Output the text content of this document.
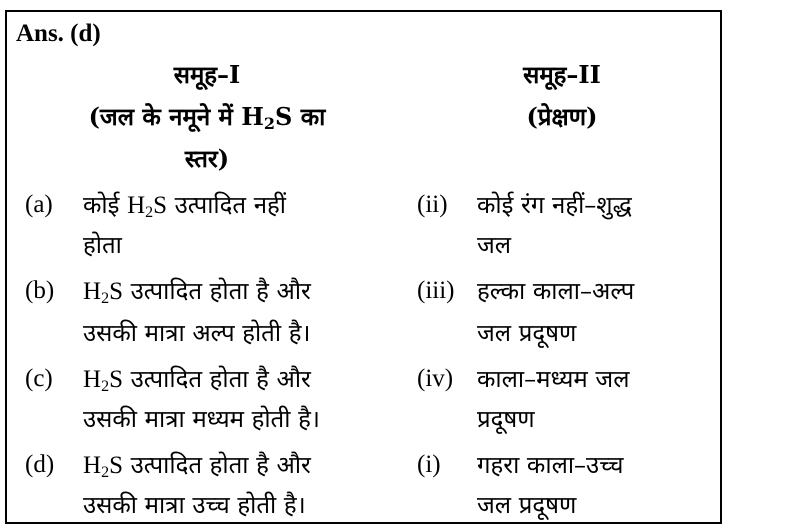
Ans. (d)
समूह–I
(जल के नमूने में $H_2S$ का
स्तर)
समूह–II
(प्रेक्षण)
(a) कोई $H_2S$ उत्पादित नहीं
होता
(ii) कोई रंग नहीं–शुद्ध
जल
(b) $H_2S$ उत्पादित होता है और
उसकी मात्रा अल्प होती है।
(iii) हल्का काला–अल्प
जल प्रदूषण
(c) $H_2S$ उत्पादित होता है और
उसकी मात्रा मध्यम होती है।
(iv) काला–मध्यम जल
प्रदूषण
(d) $H_2S$ उत्पादित होता है और
उसकी मात्रा उच्च होती है।
(i) गहरा काला–उच्च
जल प्रदूषण
